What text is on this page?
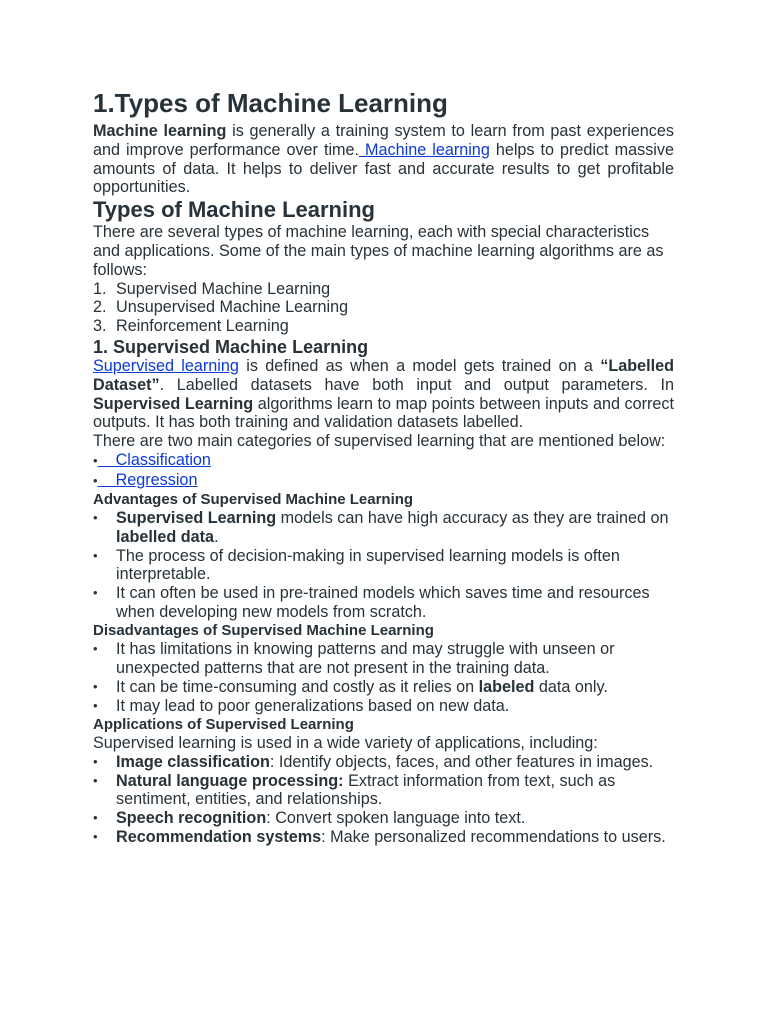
1.Types of Machine Learning

Machine learning is generally a training system to learn from past experiences and improve performance over time. Machine learning helps to predict massive amounts of data. It helps to deliver fast and accurate results to get profitable opportunities.

Types of Machine Learning

There are several types of machine learning, each with special characteristics and applications. Some of the main types of machine learning algorithms are as follows:

1. Supervised Machine Learning
2. Unsupervised Machine Learning
3. Reinforcement Learning
1. Supervised Machine Learning

Supervised learning is defined as when a model gets trained on a “Labelled Dataset”. Labelled datasets have both input and output parameters. In Supervised Learning algorithms learn to map points between inputs and correct outputs. It has both training and validation datasets labelled.

There are two main categories of supervised learning that are mentioned below:

• Classification
• Regression
Advantages of Supervised Machine Learning
• Supervised Learning models can have high accuracy as they are trained on labelled data.
• The process of decision-making in supervised learning models is often interpretable.
• It can often be used in pre-trained models which saves time and resources when developing new models from scratch.
Disadvantages of Supervised Machine Learning
• It has limitations in knowing patterns and may struggle with unseen or unexpected patterns that are not present in the training data.
• It can be time-consuming and costly as it relies on labeled data only.
• It may lead to poor generalizations based on new data.
Applications of Supervised Learning

Supervised learning is used in a wide variety of applications, including:

• Image classification: Identify objects, faces, and other features in images.
• Natural language processing: Extract information from text, such as sentiment, entities, and relationships.
• Speech recognition: Convert spoken language into text.
• Recommendation systems: Make personalized recommendations to users.
